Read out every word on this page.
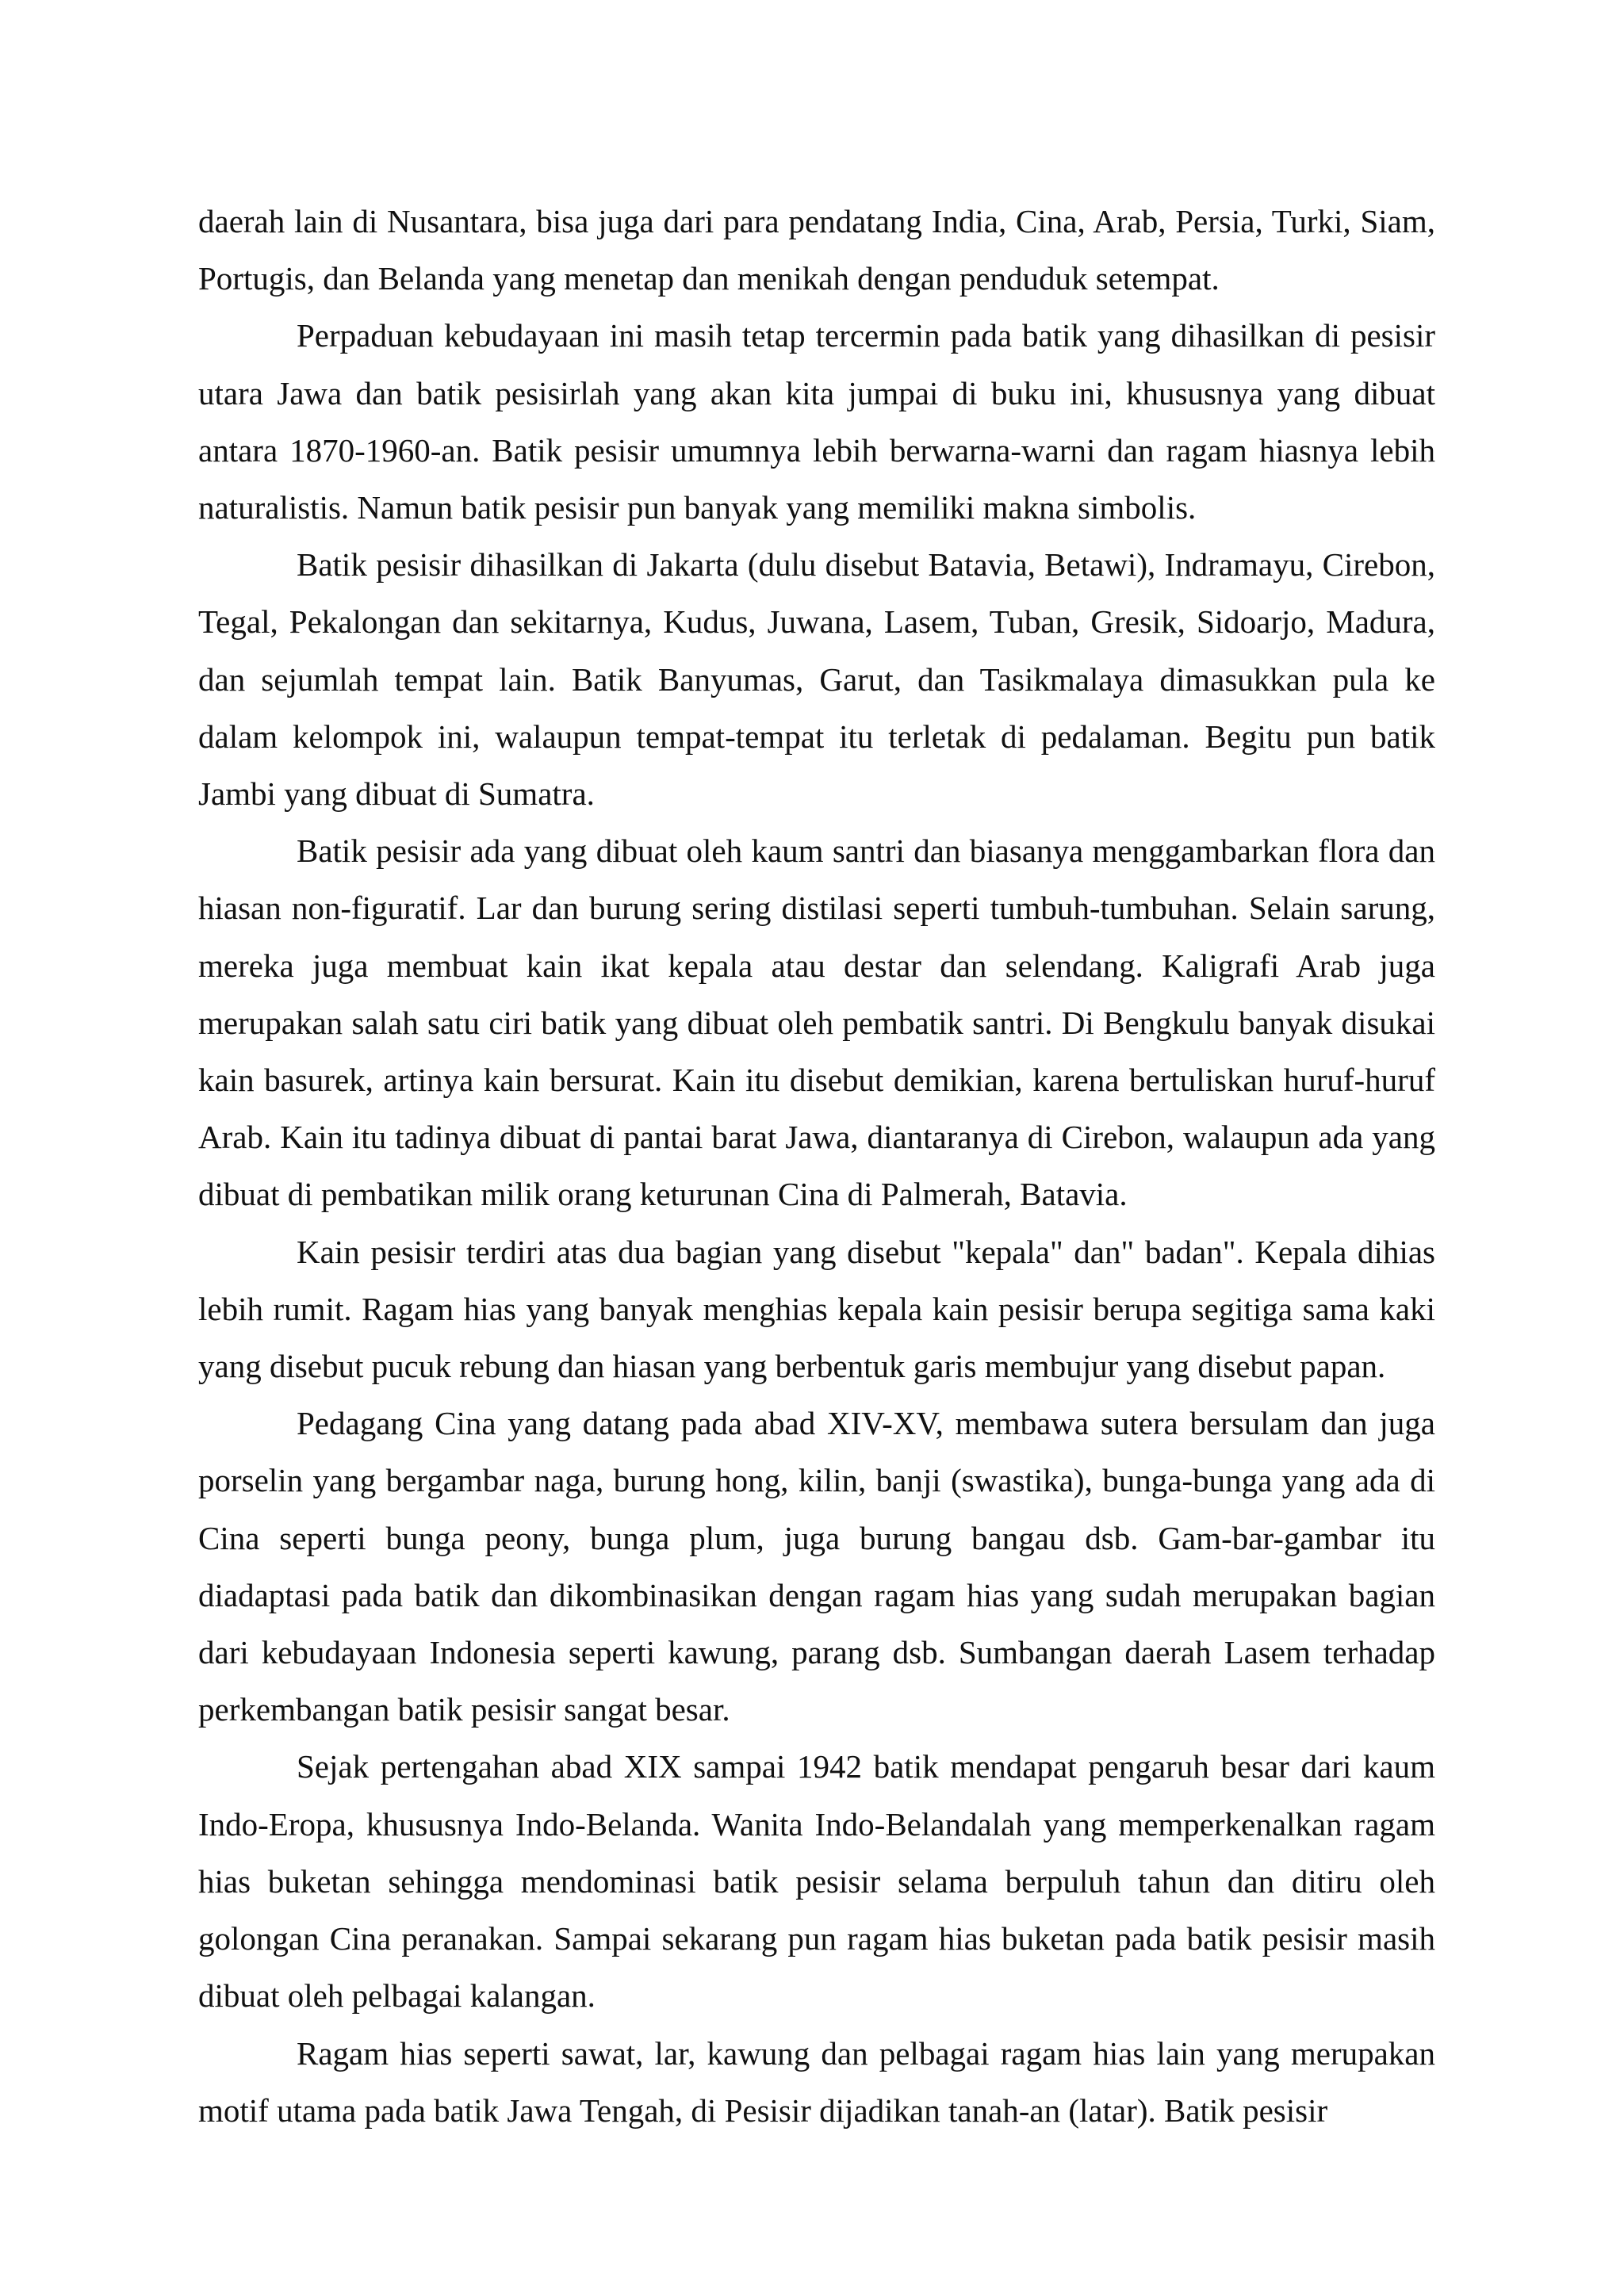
daerah lain di Nusantara, bisa juga dari para pendatang India, Cina, Arab, Persia, Turki, Siam, Portugis, dan Belanda yang menetap dan menikah dengan penduduk setempat.

Perpaduan kebudayaan ini masih tetap tercermin pada batik yang dihasilkan di pesisir utara Jawa dan batik pesisirlah yang akan kita jumpai di buku ini, khususnya yang dibuat antara 1870-1960-an. Batik pesisir umumnya lebih berwarna-warni dan ragam hiasnya lebih naturalistis. Namun batik pesisir pun banyak yang memiliki makna simbolis.

Batik pesisir dihasilkan di Jakarta (dulu disebut Batavia, Betawi), Indramayu, Cirebon, Tegal, Pekalongan dan sekitarnya, Kudus, Juwana, Lasem, Tuban, Gresik, Sidoarjo, Madura, dan sejumlah tempat lain. Batik Banyumas, Garut, dan Tasikmalaya dimasukkan pula ke dalam kelompok ini, walaupun tempat-tempat itu terletak di pedalaman. Begitu pun batik Jambi yang dibuat di Sumatra.

Batik pesisir ada yang dibuat oleh kaum santri dan biasanya menggambarkan flora dan hiasan non-figuratif. Lar dan burung sering distilasi seperti tumbuh-tumbuhan. Selain sarung, mereka juga membuat kain ikat kepala atau destar dan selendang. Kaligrafi Arab juga merupakan salah satu ciri batik yang dibuat oleh pembatik santri. Di Bengkulu banyak disukai kain basurek, artinya kain bersurat. Kain itu disebut demikian, karena bertuliskan huruf-huruf Arab. Kain itu tadinya dibuat di pantai barat Jawa, diantaranya di Cirebon, walaupun ada yang dibuat di pembatikan milik orang keturunan Cina di Palmerah, Batavia.

Kain pesisir terdiri atas dua bagian yang disebut "kepala" dan" badan". Kepala dihias lebih rumit. Ragam hias yang banyak menghias kepala kain pesisir berupa segitiga sama kaki yang disebut pucuk rebung dan hiasan yang berbentuk garis membujur yang disebut papan.

Pedagang Cina yang datang pada abad XIV-XV, membawa sutera bersulam dan juga porselin yang bergambar naga, burung hong, kilin, banji (swastika), bunga-bunga yang ada di Cina seperti bunga peony, bunga plum, juga burung bangau dsb. Gam-bar-gambar itu diadaptasi pada batik dan dikombinasikan dengan ragam hias yang sudah merupakan bagian dari kebudayaan Indonesia seperti kawung, parang dsb. Sumbangan daerah Lasem terhadap perkembangan batik pesisir sangat besar.

Sejak pertengahan abad XIX sampai 1942 batik mendapat pengaruh besar dari kaum Indo-Eropa, khususnya Indo-Belanda. Wanita Indo-Belandalah yang memperkenalkan ragam hias buketan sehingga mendominasi batik pesisir selama berpuluh tahun dan ditiru oleh golongan Cina peranakan. Sampai sekarang pun ragam hias buketan pada batik pesisir masih dibuat oleh pelbagai kalangan.

Ragam hias seperti sawat, lar, kawung dan pelbagai ragam hias lain yang merupakan motif utama pada batik Jawa Tengah, di Pesisir dijadikan tanah-an (latar). Batik pesisir
